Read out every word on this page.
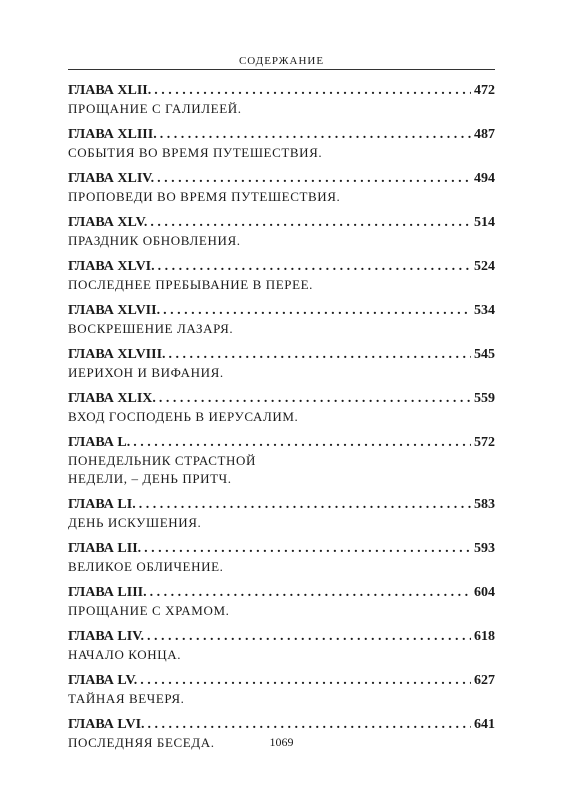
СОДЕРЖАНИЕ
ГЛАВА XLII. . . .	472
ПРОЩАНИЕ С ГАЛИЛЕЕЙ.
ГЛАВА XLIII. . . .	487
СОБЫТИЯ ВО ВРЕМЯ ПУТЕШЕСТВИЯ.
ГЛАВА XLIV. . . .	494
ПРОПОВЕДИ ВО ВРЕМЯ ПУТЕШЕСТВИЯ.
ГЛАВА XLV. . . .	514
ПРАЗДНИК ОБНОВЛЕНИЯ.
ГЛАВА XLVI. . . .	524
ПОСЛЕДНЕЕ ПРЕБЫВАНИЕ В ПЕРЕЕ.
ГЛАВА XLVII. . . .	534
ВОСКРЕШЕНИЕ ЛАЗАРЯ.
ГЛАВА XLVIII. . . .	545
ИЕРИХОН И ВИФАНИЯ.
ГЛАВА XLIX. . . .	559
ВХОД ГОСПОДЕНЬ В ИЕРУСАЛИМ.
ГЛАВА L. . . .	572
ПОНЕДЕЛЬНИК СТРАСТНОЙ
НЕДЕЛИ, – ДЕНЬ ПРИТЧ.
ГЛАВА LI. . . .	583
ДЕНЬ ИСКУШЕНИЯ.
ГЛАВА LII. . . .	593
ВЕЛИКОЕ ОБЛИЧЕНИЕ.
ГЛАВА LIII. . . .	604
ПРОЩАНИЕ С ХРАМОМ.
ГЛАВА LIV. . . .	618
НАЧАЛО КОНЦА.
ГЛАВА LV. . . .	627
ТАЙНАЯ ВЕЧЕРЯ.
ГЛАВА LVI. . . .	641
ПОСЛЕДНЯЯ БЕСЕДА.	1069
